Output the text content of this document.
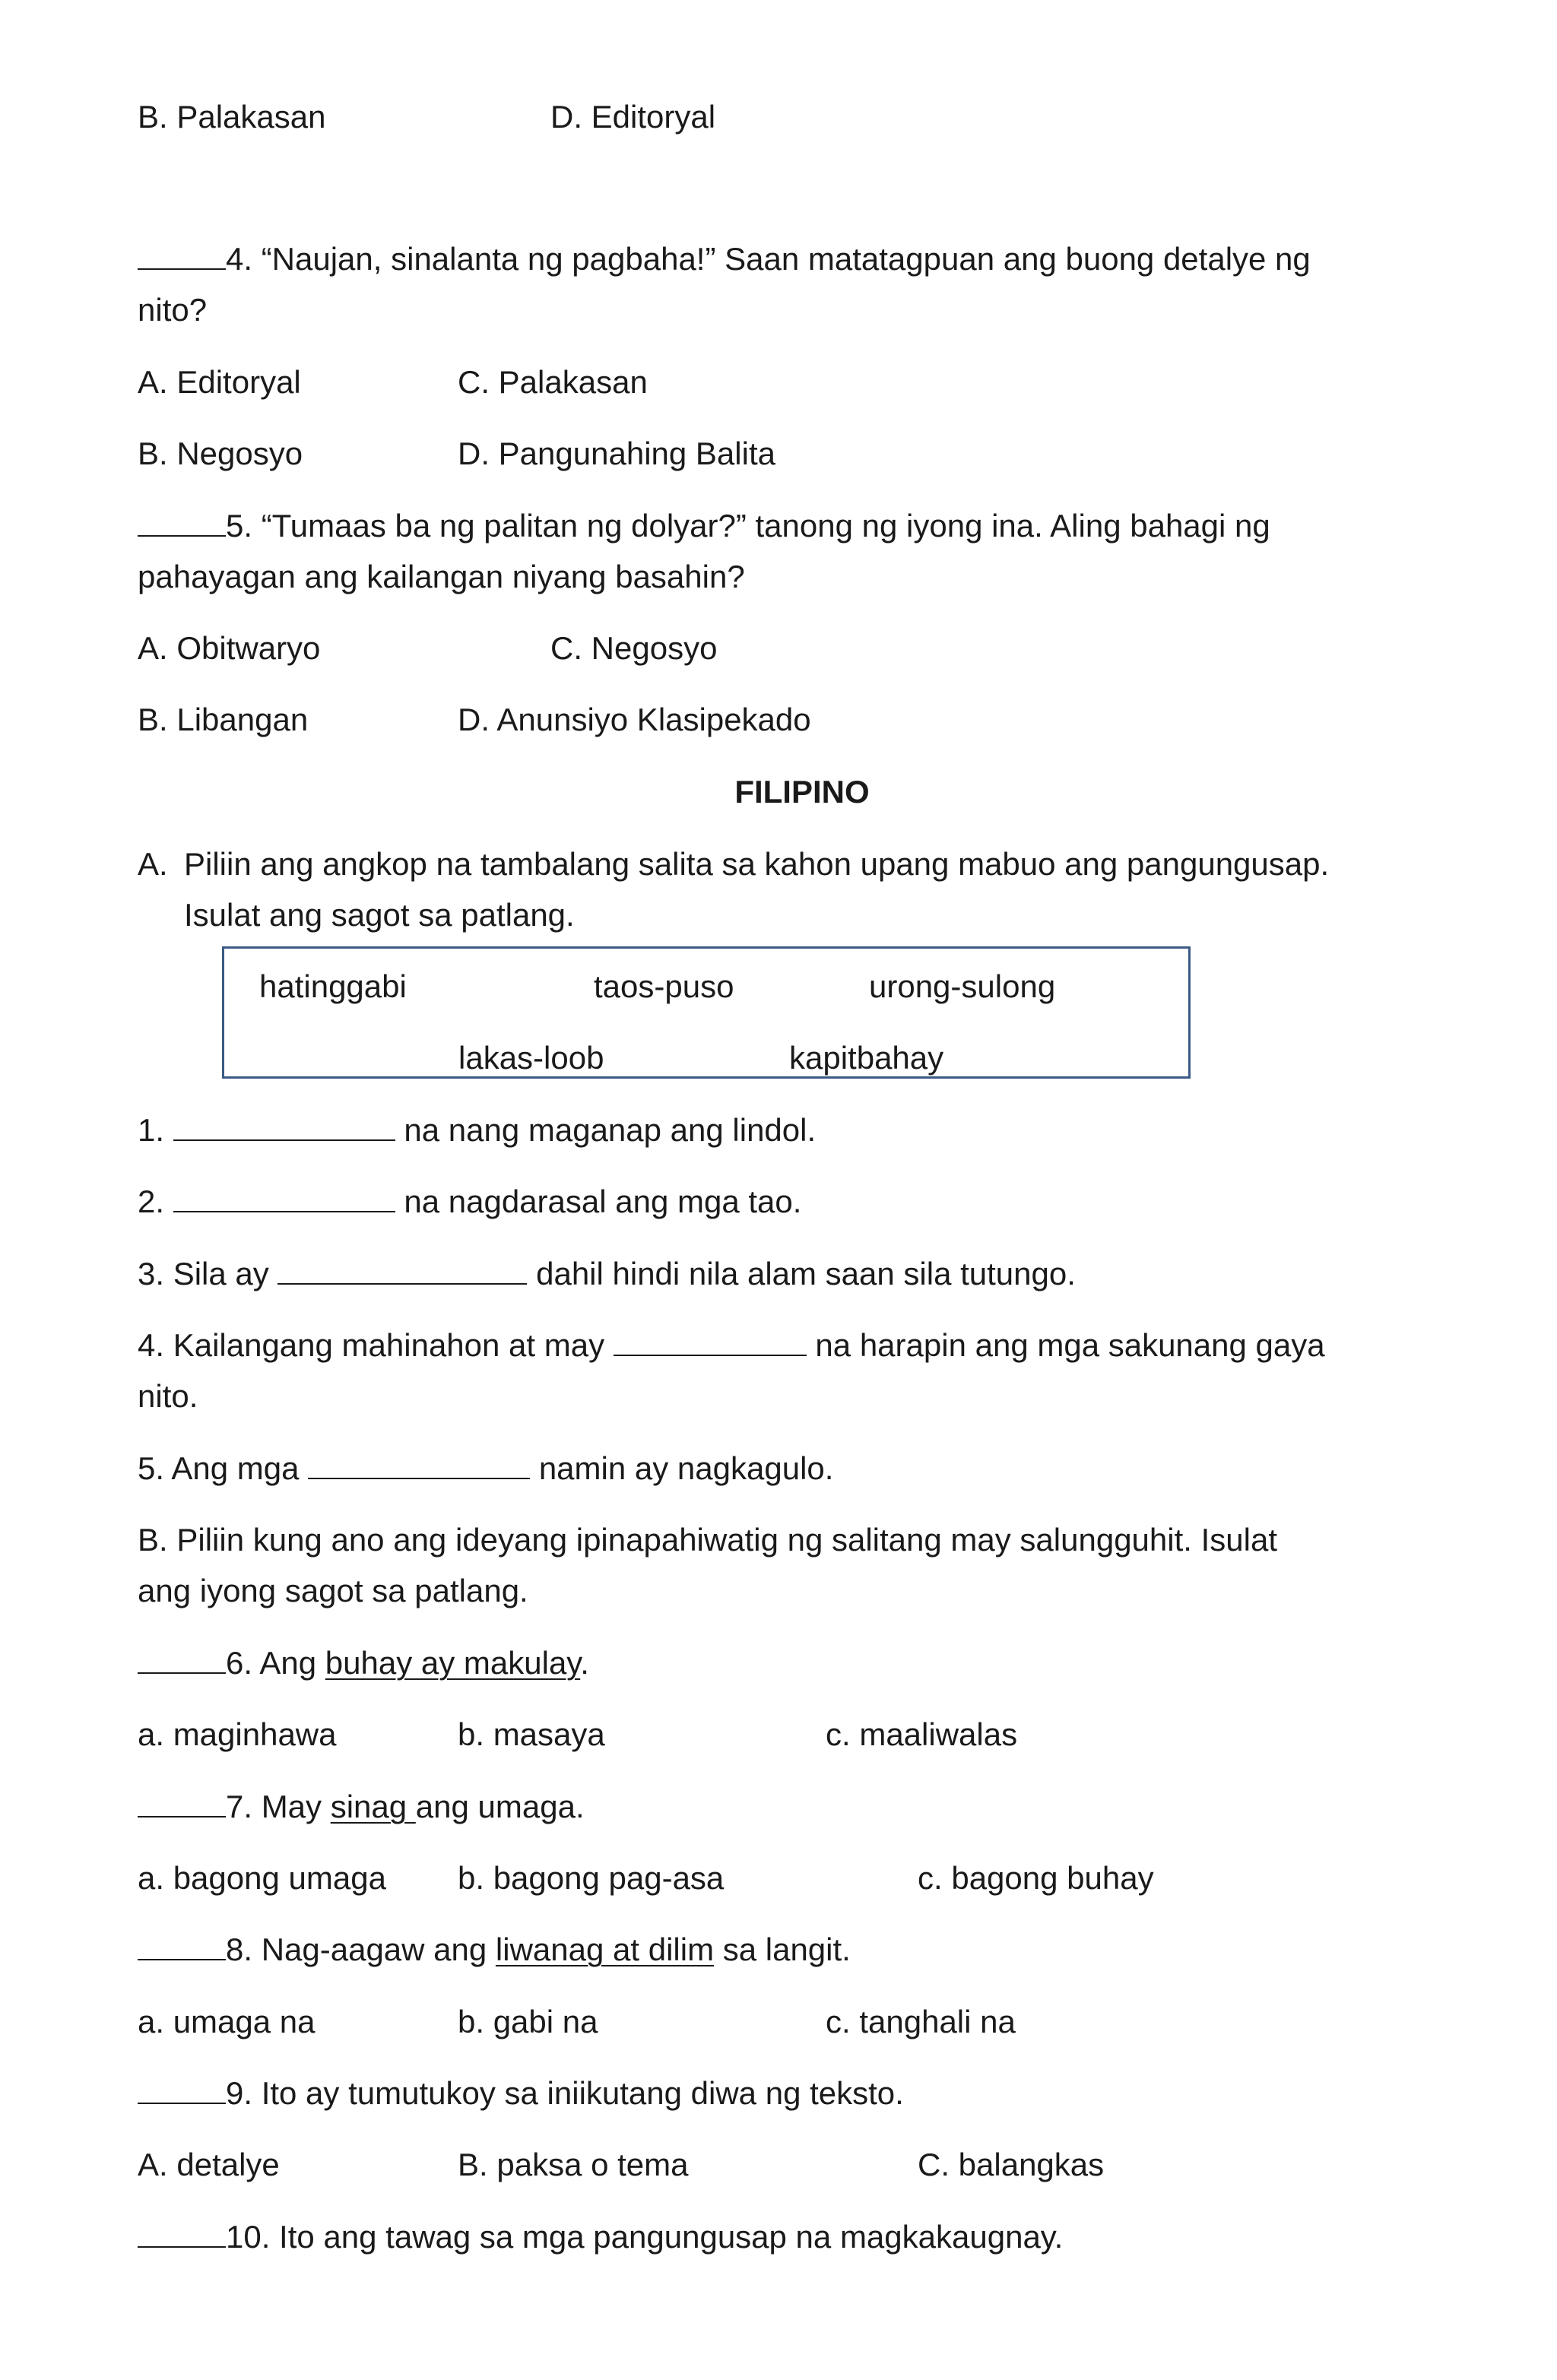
B. Palakasan	D. Editoryal
4. “Naujan, sinalanta ng pagbaha!” Saan matatagpuan ang buong detalye ng
nito?
A. Editoryal	C. Palakasan
B. Negosyo	D. Pangunahing Balita
5. “Tumaas ba ng palitan ng dolyar?” tanong ng iyong ina. Aling bahagi ng
pahayagan ang kailangan niyang basahin?
A. Obitwaryo	C. Negosyo
B. Libangan	D. Anunsiyo Klasipekado
FILIPINO
A. Piliin ang angkop na tambalang salita sa kahon upang mabuo ang pangungusap.
Isulat ang sagot sa patlang.
hatinggabi	taos-puso	urong-sulong
lakas-loob	kapitbahay
1.	na nang maganap ang lindol.
2.	na nagdarasal ang mga tao.
3. Sila ay	dahil hindi nila alam saan sila tutungo.
4. Kailangang mahinahon at may	na harapin ang mga sakunang gaya
nito.
5. Ang mga	namin ay nagkagulo.
B. Piliin kung ano ang ideyang ipinapahiwatig ng salitang may salungguhit. Isulat
ang iyong sagot sa patlang.
6. Ang buhay ay makulay.
a. maginhawa	b. masaya	c. maaliwalas
7. May sinag ang umaga.
a. bagong umaga b. bagong pag-asa	c. bagong buhay
8. Nag-aagaw ang liwanag at dilim sa langit.
a. umaga na	b. gabi na	c. tanghali na
9. Ito ay tumutukoy sa iniikutang diwa ng teksto.
A. detalye	B. paksa o tema	C. balangkas
10. Ito ang tawag sa mga pangungusap na magkakaugnay.
